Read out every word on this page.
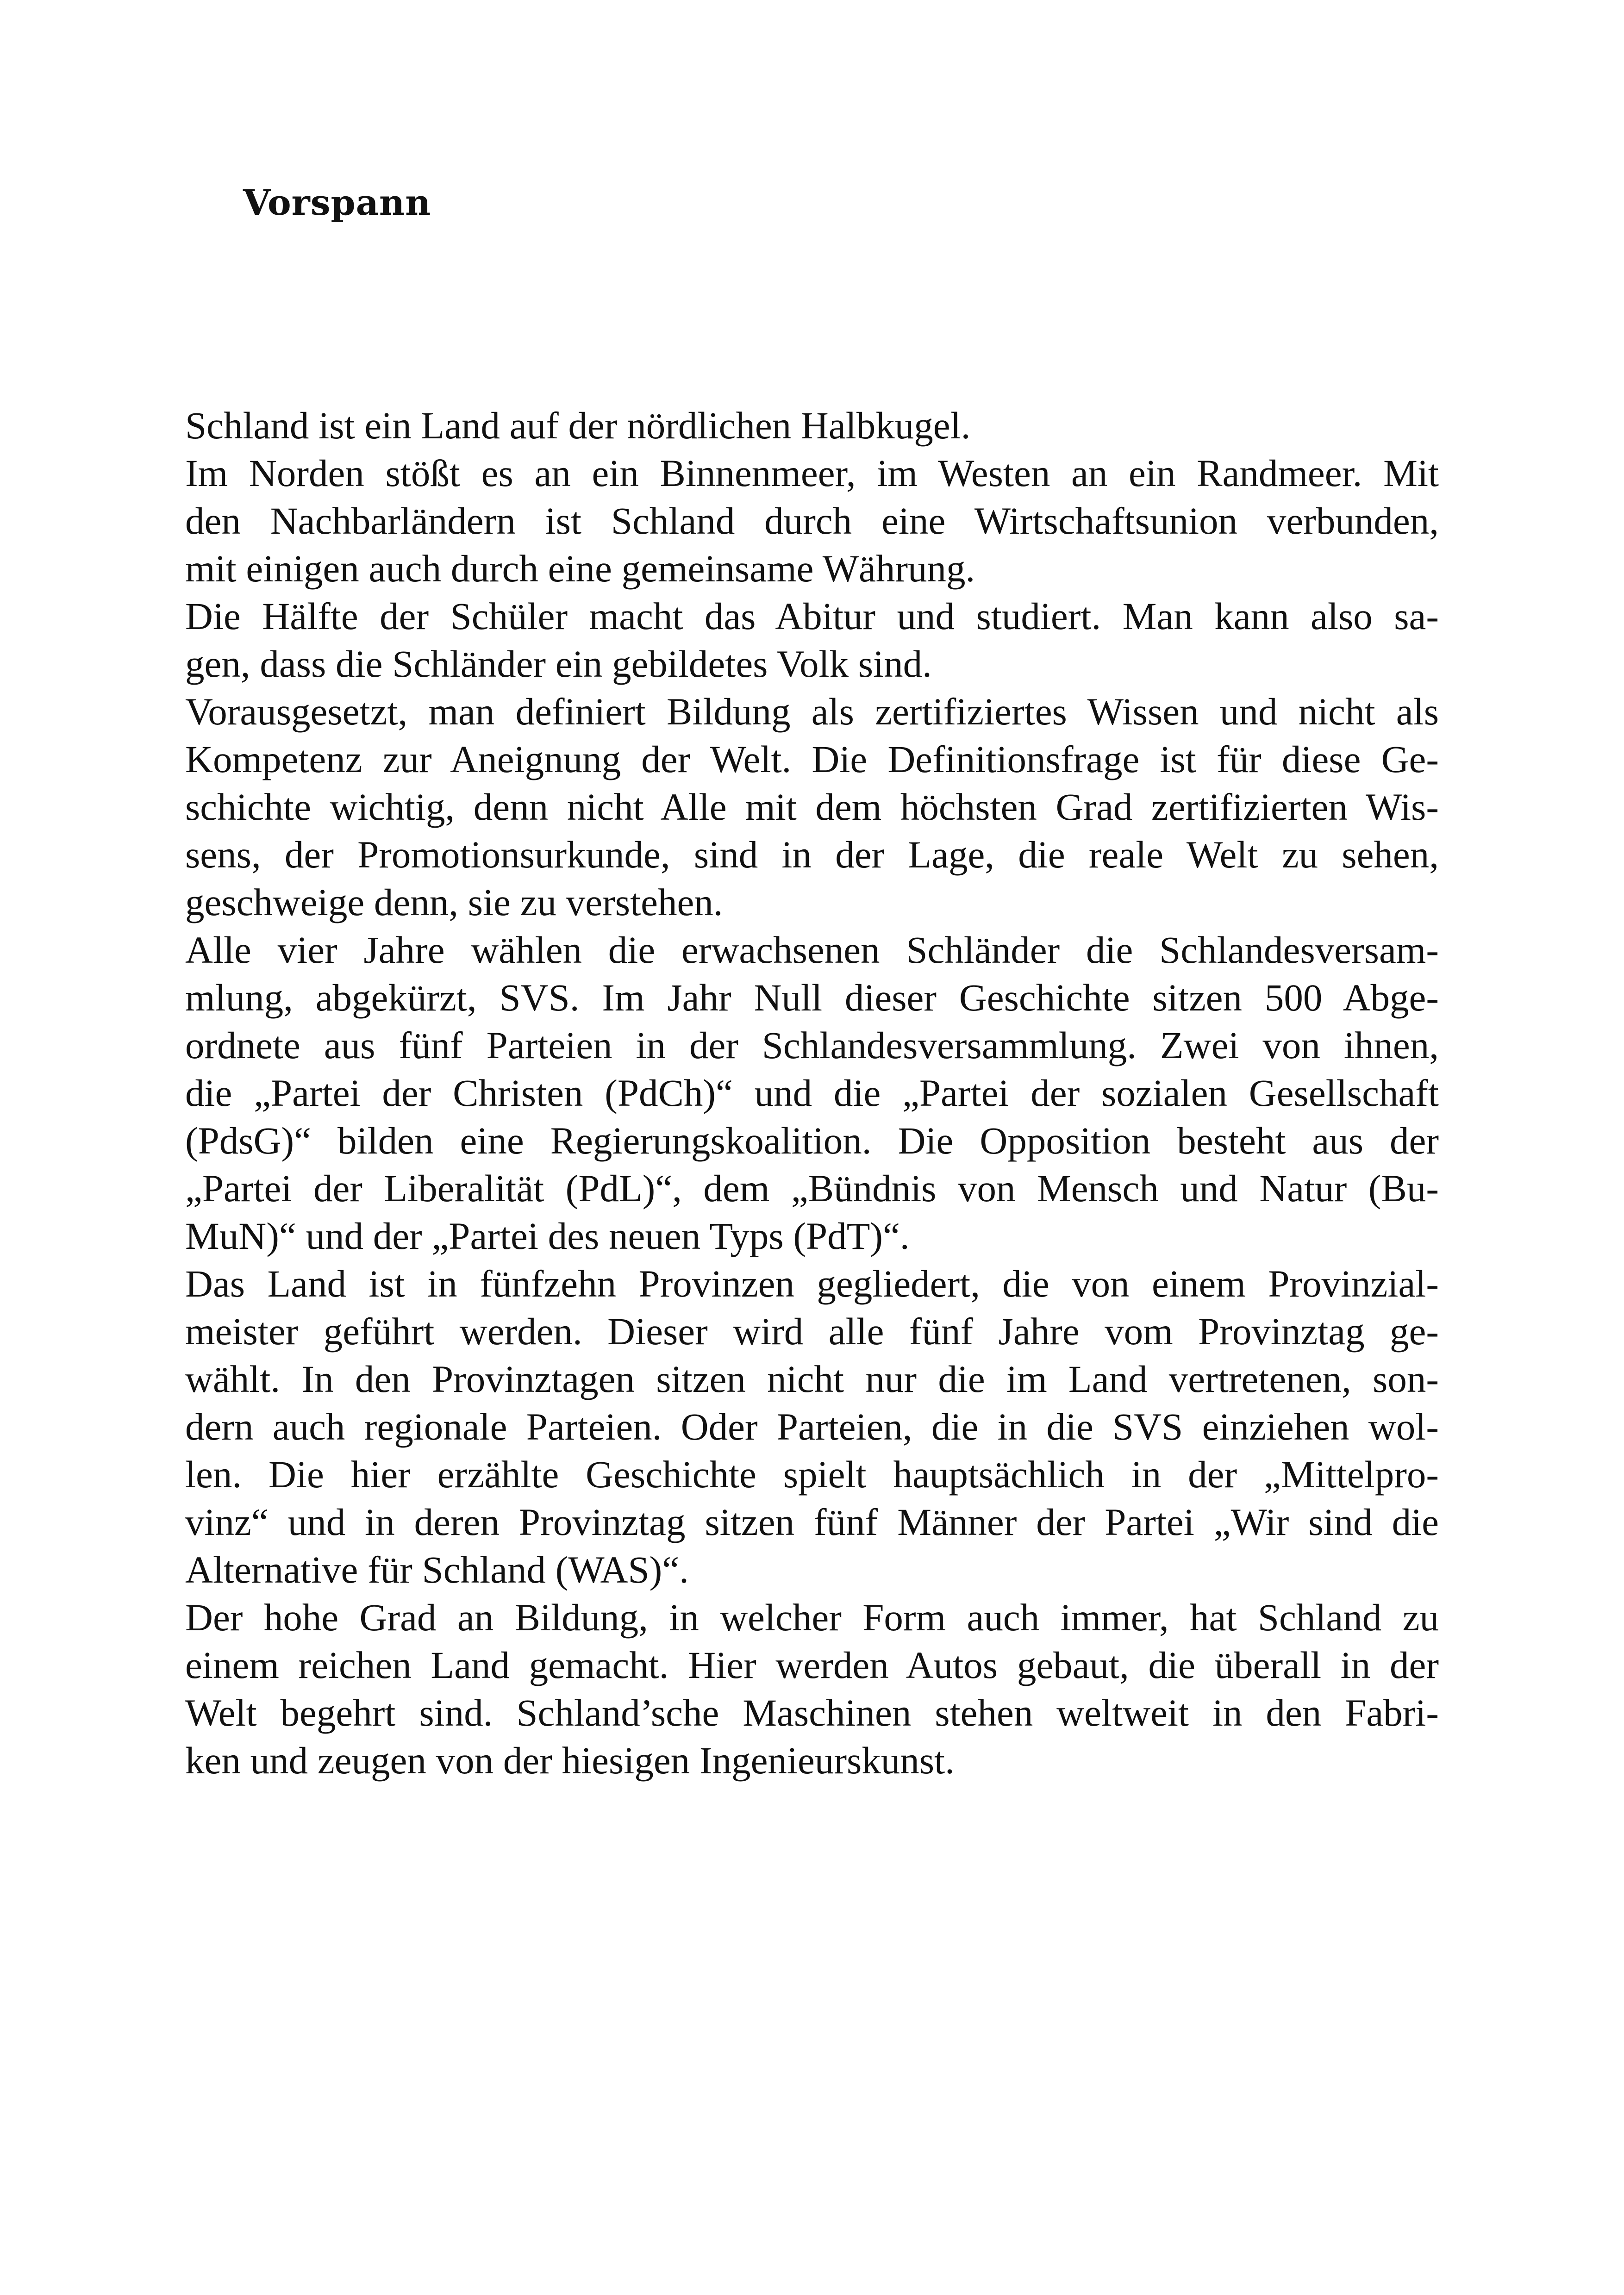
Vorspann

Schland ist ein Land auf der nördlichen Halbkugel.

Im Norden stößt es an ein Binnenmeer, im Westen an ein Randmeer. Mit
den Nachbarländern ist Schland durch eine Wirtschaftsunion verbunden,
mit einigen auch durch eine gemeinsame Währung.

Die Hälfte der Schüler macht das Abitur und studiert. Man kann also sa-
gen, dass die Schländer ein gebildetes Volk sind.

Vorausgesetzt, man definiert Bildung als zertifiziertes Wissen und nicht als
Kompetenz zur Aneignung der Welt. Die Definitionsfrage ist für diese Ge-
schichte wichtig, denn nicht Alle mit dem höchsten Grad zertifizierten Wis-
sens, der Promotionsurkunde, sind in der Lage, die reale Welt zu sehen,
geschweige denn, sie zu verstehen.

Alle vier Jahre wählen die erwachsenen Schländer die Schlandesversam-
mlung, abgekürzt, SVS. Im Jahr Null dieser Geschichte sitzen 500 Abge-
ordnete aus fünf Parteien in der Schlandesversammlung. Zwei von ihnen,
die „Partei der Christen (PdCh)“ und die „Partei der sozialen Gesellschaft
(PdsG)“ bilden eine Regierungskoalition. Die Opposition besteht aus der
„Partei der Liberalität (PdL)“, dem „Bündnis von Mensch und Natur (Bu-
MuN)“ und der „Partei des neuen Typs (PdT)“.

Das Land ist in fünfzehn Provinzen gegliedert, die von einem Provinzial-
meister geführt werden. Dieser wird alle fünf Jahre vom Provinztag ge-
wählt. In den Provinztagen sitzen nicht nur die im Land vertretenen, son-
dern auch regionale Parteien. Oder Parteien, die in die SVS einziehen wol-
len. Die hier erzählte Geschichte spielt hauptsächlich in der „Mittelpro-
vinz“ und in deren Provinztag sitzen fünf Männer der Partei „Wir sind die
Alternative für Schland (WAS)“.

Der hohe Grad an Bildung, in welcher Form auch immer, hat Schland zu
einem reichen Land gemacht. Hier werden Autos gebaut, die überall in der
Welt begehrt sind. Schland’sche Maschinen stehen weltweit in den Fabri-
ken und zeugen von der hiesigen Ingenieurskunst.
